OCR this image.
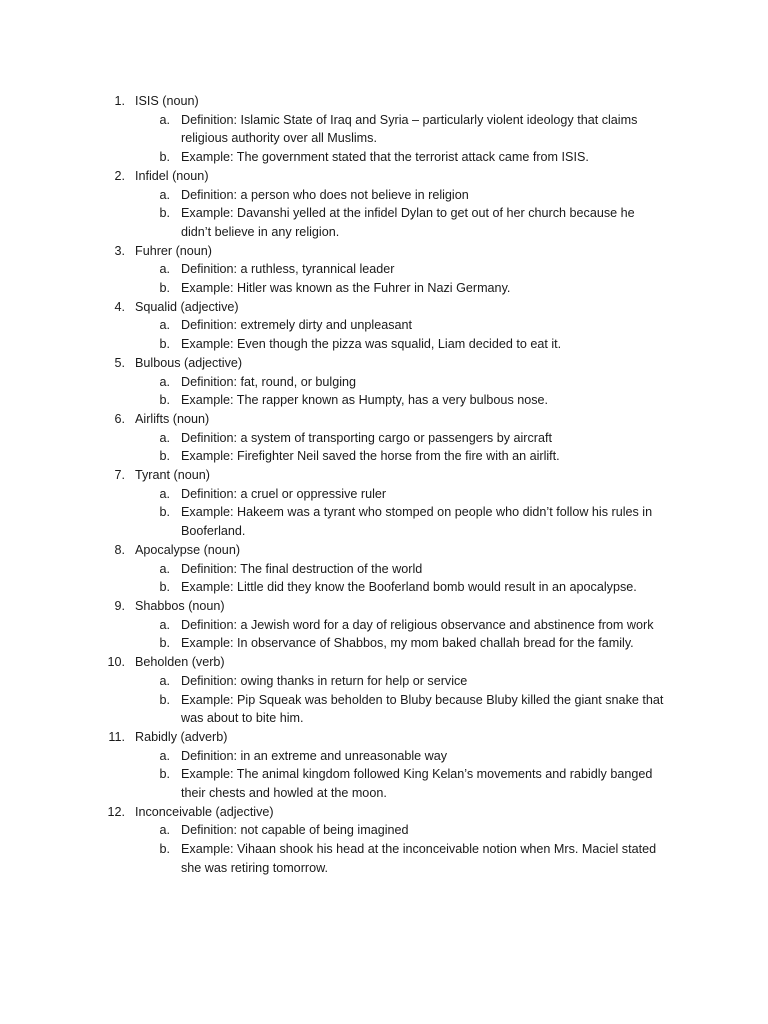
1. ISIS (noun)
a. Definition: Islamic State of Iraq and Syria – particularly violent ideology that claims religious authority over all Muslims.
b. Example: The government stated that the terrorist attack came from ISIS.
2. Infidel (noun)
a. Definition: a person who does not believe in religion
b. Example: Davanshi yelled at the infidel Dylan to get out of her church because he didn’t believe in any religion.
3. Fuhrer (noun)
a. Definition: a ruthless, tyrannical leader
b. Example: Hitler was known as the Fuhrer in Nazi Germany.
4. Squalid (adjective)
a. Definition: extremely dirty and unpleasant
b. Example: Even though the pizza was squalid, Liam decided to eat it.
5. Bulbous (adjective)
a. Definition: fat, round, or bulging
b. Example: The rapper known as Humpty, has a very bulbous nose.
6. Airlifts (noun)
a. Definition: a system of transporting cargo or passengers by aircraft
b. Example: Firefighter Neil saved the horse from the fire with an airlift.
7. Tyrant (noun)
a. Definition: a cruel or oppressive ruler
b. Example: Hakeem was a tyrant who stomped on people who didn’t follow his rules in Booferland.
8. Apocalypse (noun)
a. Definition: The final destruction of the world
b. Example: Little did they know the Booferland bomb would result in an apocalypse.
9. Shabbos (noun)
a. Definition: a Jewish word for a day of religious observance and abstinence from work
b. Example: In observance of Shabbos, my mom baked challah bread for the family.
10. Beholden (verb)
a. Definition: owing thanks in return for help or service
b. Example: Pip Squeak was beholden to Bluby because Bluby killed the giant snake that was about to bite him.
11. Rabidly (adverb)
a. Definition: in an extreme and unreasonable way
b. Example: The animal kingdom followed King Kelan’s movements and rabidly banged their chests and howled at the moon.
12. Inconceivable (adjective)
a. Definition: not capable of being imagined
b. Example: Vihaan shook his head at the inconceivable notion when Mrs. Maciel stated she was retiring tomorrow.
